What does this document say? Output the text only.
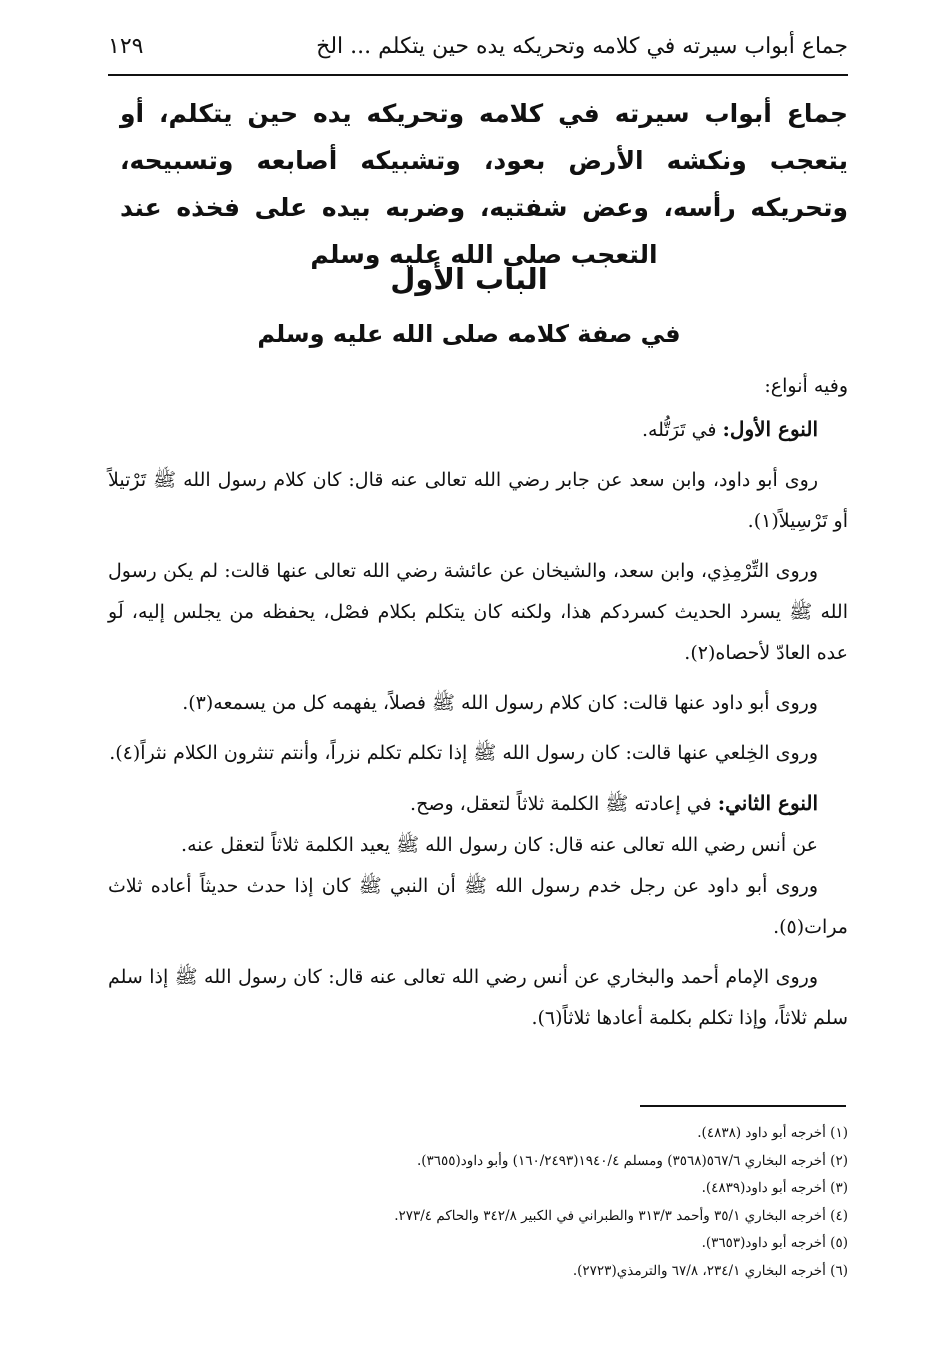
جماع أبواب سيرته في كلامه وتحريكه يده حين يتكلم ... الخ
١٢٩
جماع أبواب سيرته في كلامه وتحريكه يده حين يتكلم، أو يتعجب ونكشه الأرض بعود، وتشبيكه أصابعه وتسبيحه، وتحريكه رأسه، وعض شفتيه، وضربه بيده على فخذه عند التعجب صلى الله عليه وسلم
الباب الأول
في صفة كلامه صلى الله عليه وسلم

وفيه أنواع:

النوع الأول: في تَرَتُّله.

روى أبو داود، وابن سعد عن جابر رضي الله تعالى عنه قال: كان كلام رسول الله ﷺ تَرْتيلاً أو تَرْسِيلاً(١).

وروى التِّرْمِذِي، وابن سعد، والشيخان عن عائشة رضي الله تعالى عنها قالت: لم يكن رسول الله ﷺ يسرد الحديث كسردكم هذا، ولكنه كان يتكلم بكلام فصْل، يحفظه من يجلس إليه، لَو عده العادّ لأحصاه(٢).

وروى أبو داود عنها قالت: كان كلام رسول الله ﷺ فصلاً، يفهمه كل من يسمعه(٣).

وروى الخِلعي عنها قالت: كان رسول الله ﷺ إذا تكلم تكلم نزراً، وأنتم تنثرون الكلام نثراً(٤).

النوع الثاني: في إعادته ﷺ الكلمة ثلاثاً لتعقل، وصح.

عن أنس رضي الله تعالى عنه قال: كان رسول الله ﷺ يعيد الكلمة ثلاثاً لتعقل عنه.

وروى أبو داود عن رجل خدم رسول الله ﷺ أن النبي ﷺ كان إذا حدث حديثاً أعاده ثلاث مرات(٥).

وروى الإمام أحمد والبخاري عن أنس رضي الله تعالى عنه قال: كان رسول الله ﷺ إذا سلم سلم ثلاثاً، وإذا تكلم بكلمة أعادها ثلاثاً(٦).

(١) أخرجه أبو داود (٤٨٣٨).
(٢) أخرجه البخاري ٥٦٧/٦(٣٥٦٨) ومسلم ١٩٤٠/٤(١٦٠/٢٤٩٣) وأبو داود(٣٦٥٥).
(٣) أخرجه أبو داود(٤٨٣٩).
(٤) أخرجه البخاري ٣٥/١ وأحمد ٣١٣/٣ والطبراني في الكبير ٣٤٢/٨ والحاكم ٢٧٣/٤.
(٥) أخرجه أبو داود(٣٦٥٣).
(٦) أخرجه البخاري ٢٣٤/١، ٦٧/٨ والترمذي(٢٧٢٣).
